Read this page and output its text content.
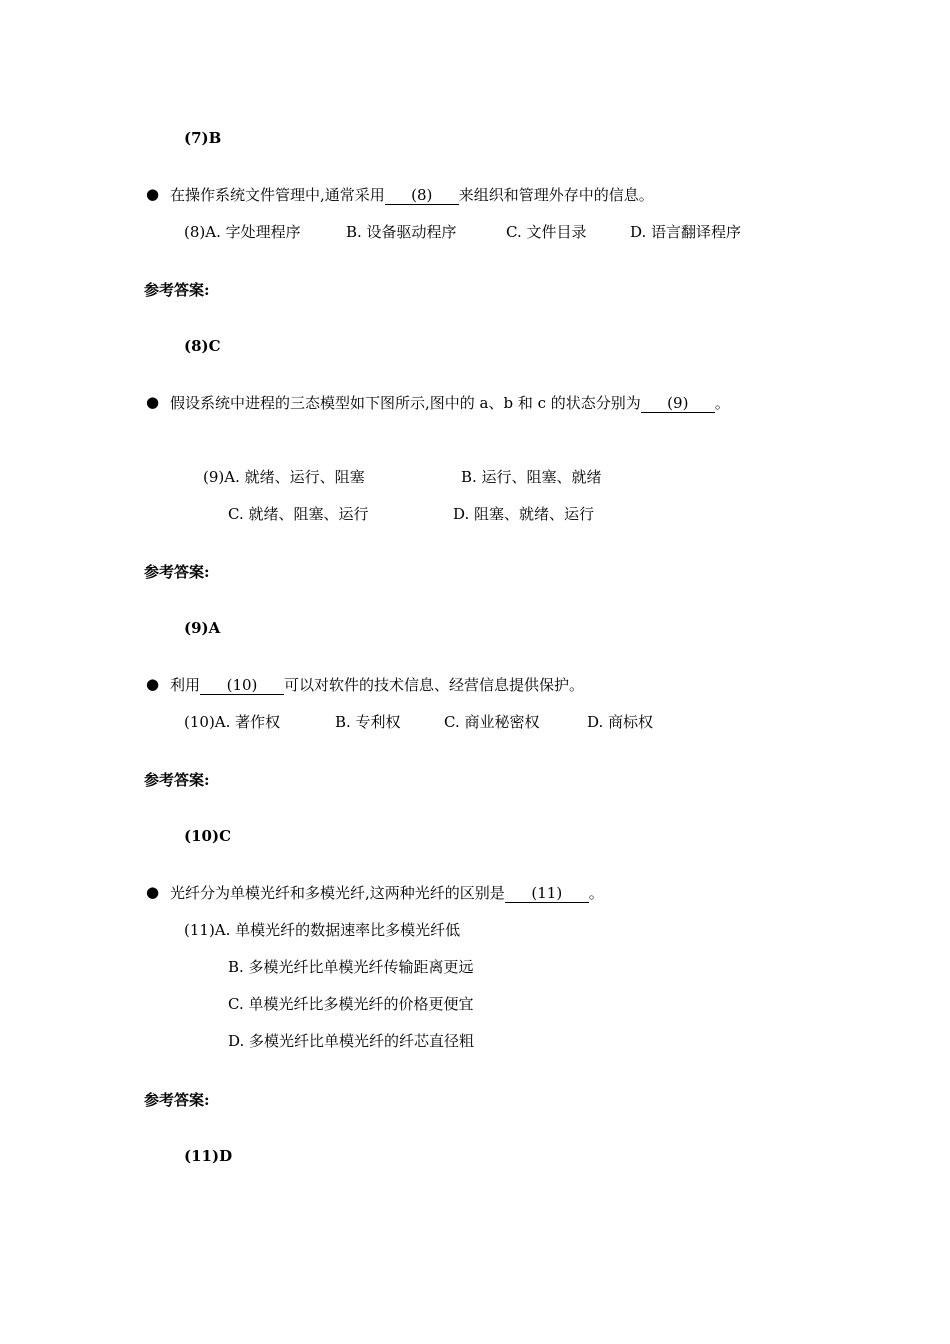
(7)B
● 在操作系统文件管理中,通常采用 (8) 来组织和管理外存中的信息。
(8)A. 字处理程序	B. 设备驱动程序	C. 文件目录	D. 语言翻译程序
参考答案:
(8)C
● 假设系统中进程的三态模型如下图所示,图中的 a、b 和 c 的状态分别为 (9) 。
(9)A. 就绪、运行、阻塞	B. 运行、阻塞、就绪
C. 就绪、阻塞、运行	D. 阻塞、就绪、运行
参考答案:
(9)A
● 利用 (10) 可以对软件的技术信息、经营信息提供保护。
(10)A. 著作权	B. 专利权	C. 商业秘密权	D. 商标权
参考答案:
(10)C
● 光纤分为单模光纤和多模光纤,这两种光纤的区别是 (11) 。
(11)A. 单模光纤的数据速率比多模光纤低
B. 多模光纤比单模光纤传输距离更远
C. 单模光纤比多模光纤的价格更便宜
D. 多模光纤比单模光纤的纤芯直径粗
参考答案:
(11)D
